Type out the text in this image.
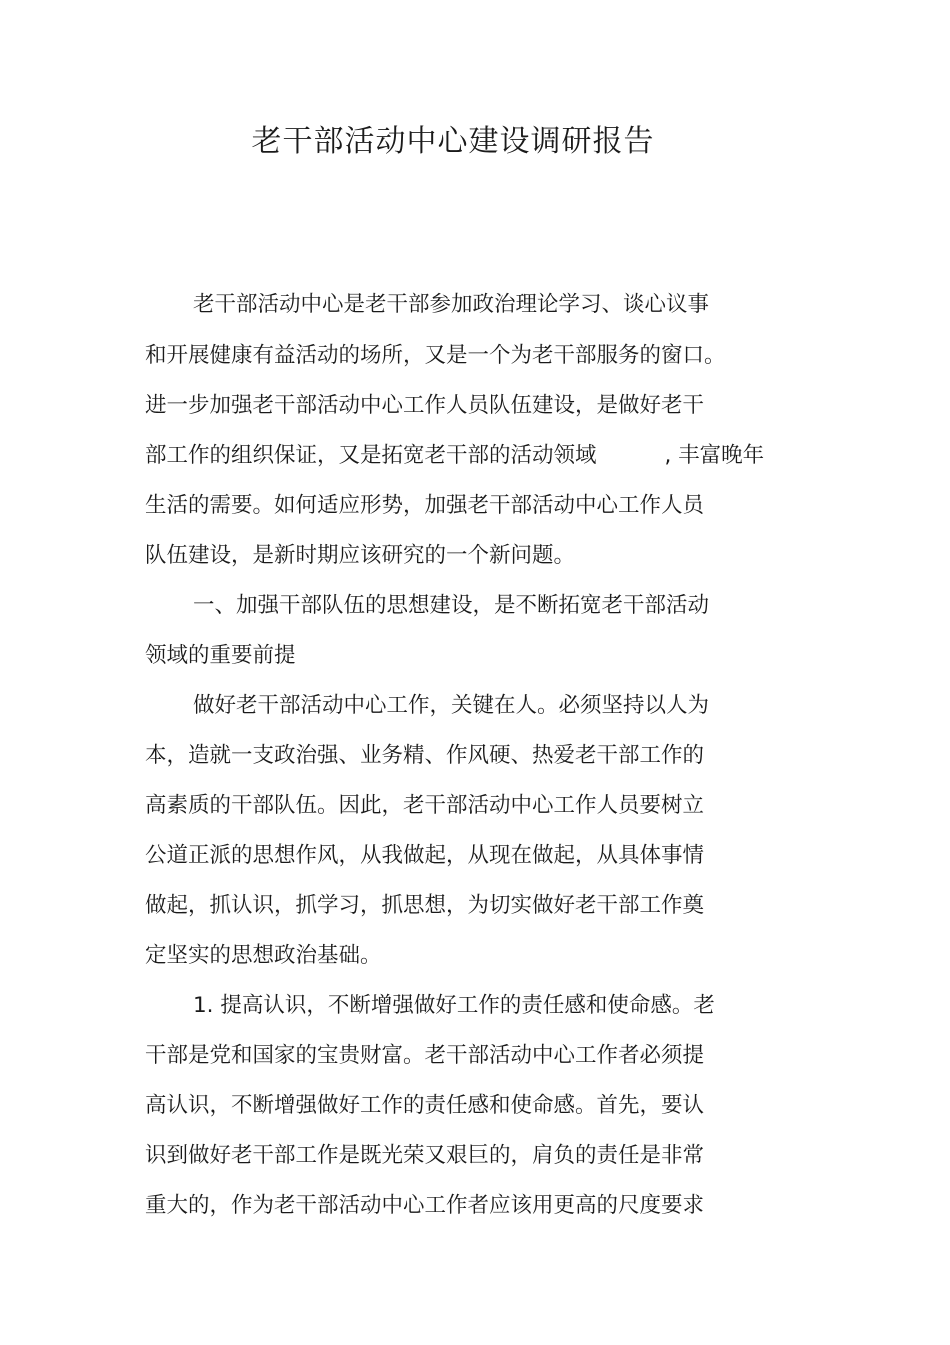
老干部活动中心建设调研报告
老干部活动中心是老干部参加政治理论学习、谈心议事
和开展健康有益活动的场所，又是一个为老干部服务的窗口。
进一步加强老干部活动中心工作人员队伍建设，是做好老干
部工作的组织保证，又是拓宽老干部的活动领域	, 丰富晚年
生活的需要。如何适应形势，加强老干部活动中心工作人员
队伍建设，是新时期应该研究的一个新问题。
一、加强干部队伍的思想建设，是不断拓宽老干部活动
领域的重要前提
做好老干部活动中心工作，关键在人。必须坚持以人为
本，造就一支政治强、业务精、作风硬、热爱老干部工作的
高素质的干部队伍。因此，老干部活动中心工作人员要树立
公道正派的思想作风，从我做起，从现在做起，从具体事情
做起，抓认识，抓学习，抓思想，为切实做好老干部工作奠
定坚实的思想政治基础。
1. 提高认识，不断增强做好工作的责任感和使命感。老
干部是党和国家的宝贵财富。老干部活动中心工作者必须提
高认识，不断增强做好工作的责任感和使命感。首先，要认
识到做好老干部工作是既光荣又艰巨的，肩负的责任是非常
重大的，作为老干部活动中心工作者应该用更高的尺度要求
